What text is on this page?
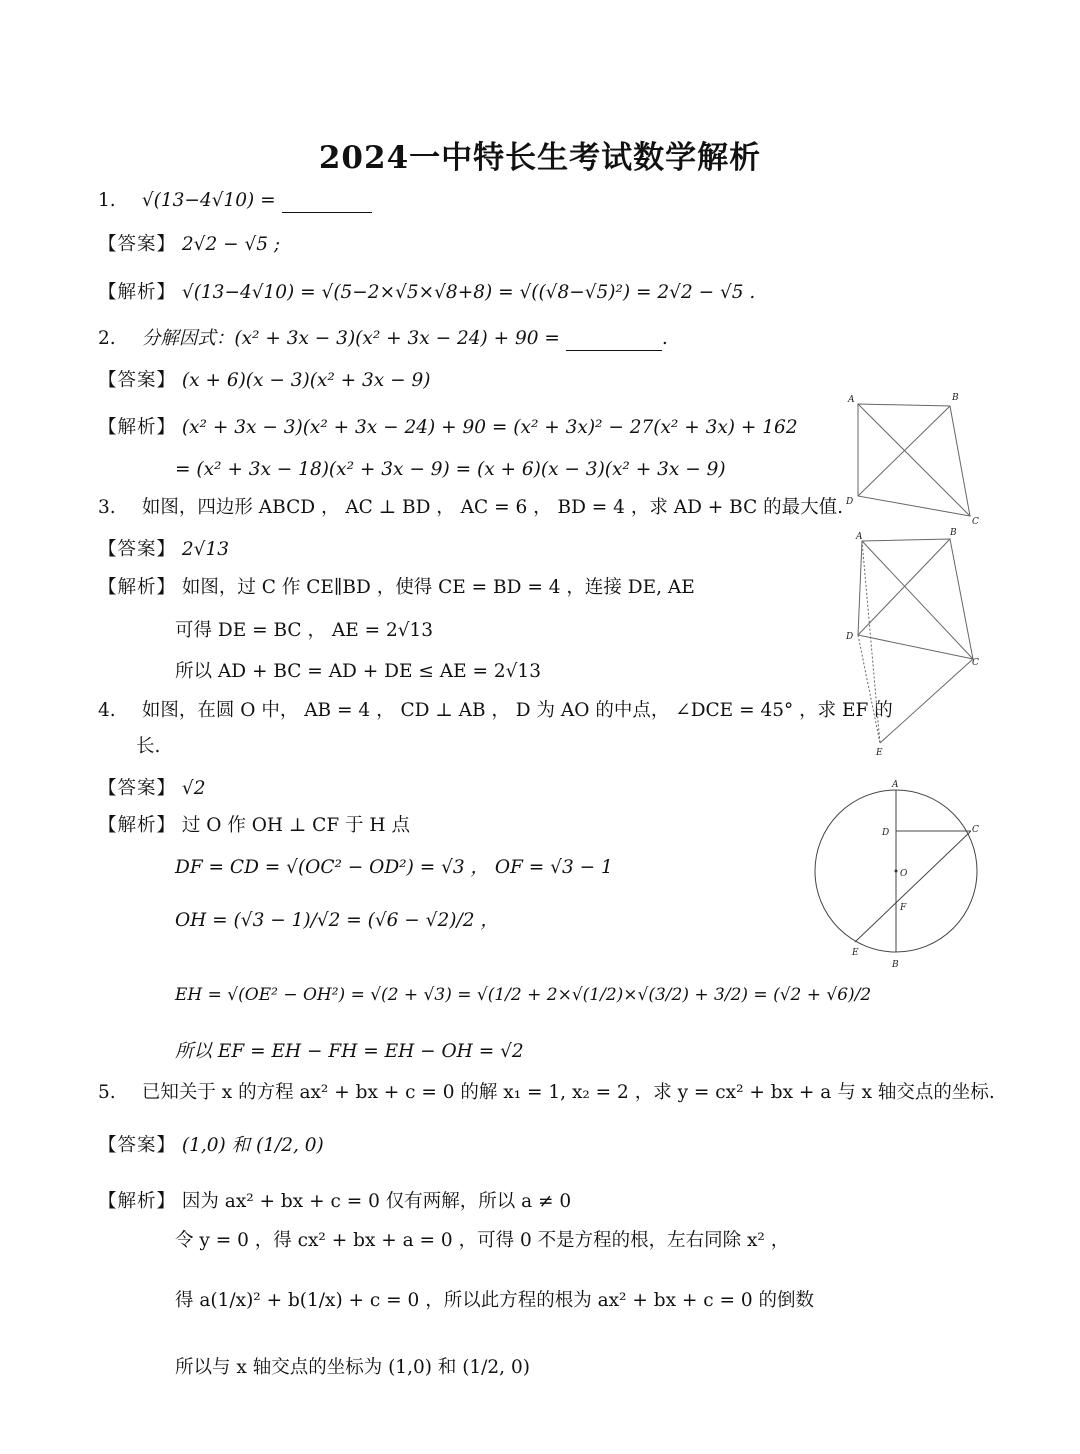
2024一中特长生考试数学解析
1. √(13−4√10) =
【答案】 2√2 − √5 ;
【解析】 √(13−4√10) = √(5−2×√5×√8+8) = √((√8−√5)²) = 2√2 − √5 .
2. 分解因式：(x² + 3x − 3)(x² + 3x − 24) + 90 =	.
【答案】 (x + 6)(x − 3)(x² + 3x − 9)
【解析】 (x² + 3x − 3)(x² + 3x − 24) + 90 = (x² + 3x)² − 27(x² + 3x) + 162
= (x² + 3x − 18)(x² + 3x − 9) = (x + 6)(x − 3)(x² + 3x − 9)
3. 如图，四边形 ABCD ， AC ⊥ BD ， AC = 6 ， BD = 4 ，求 AD + BC 的最大值.
【答案】 2√13
【解析】 如图，过 C 作 CE∥BD ，使得 CE = BD = 4 ，连接 DE, AE
可得 DE = BC ， AE = 2√13
所以 AD + BC = AD + DE ≤ AE = 2√13
4. 如图，在圆 O 中， AB = 4 ， CD ⊥ AB ， D 为 AO 的中点， ∠DCE = 45° ，求 EF 的
长.
【答案】 √2
【解析】 过 O 作 OH ⊥ CF 于 H 点
DF = CD = √(OC² − OD²) = √3 ， OF = √3 − 1
OH = (√3 − 1)/√2 = (√6 − √2)/2 ，
EH = √(OE² − OH²) = √(2 + √3) = √(1/2 + 2×√(1/2)×√(3/2) + 3/2) = (√2 + √6)/2
所以 EF = EH − FH = EH − OH = √2
5. 已知关于 x 的方程 ax² + bx + c = 0 的解 x₁ = 1, x₂ = 2 ，求 y = cx² + bx + a 与 x 轴交点的坐标.
【答案】 (1,0) 和 (1/2, 0)
【解析】 因为 ax² + bx + c = 0 仅有两解，所以 a ≠ 0
令 y = 0 ，得 cx² + bx + a = 0 ，可得 0 不是方程的根，左右同除 x² ，
得 a(1/x)² + b(1/x) + c = 0 ，所以此方程的根为 ax² + bx + c = 0 的倒数
所以与 x 轴交点的坐标为 (1,0) 和 (1/2, 0)
A	B
C
D
A	B
C
D
E
A
B
C
D
O
F
E
